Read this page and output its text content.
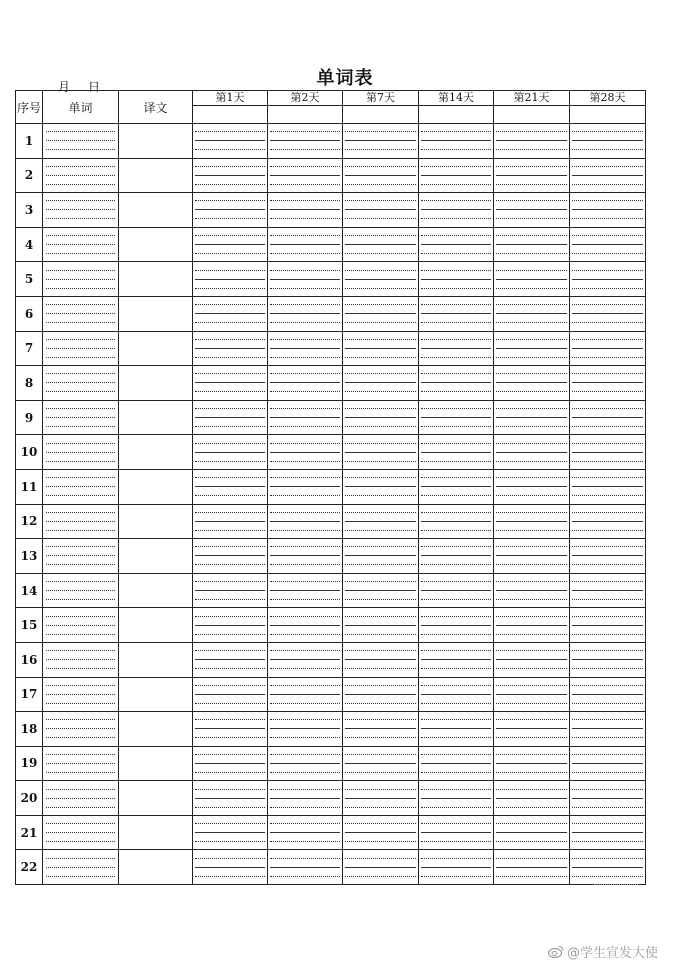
单词表
月 日
序号	单词	译文	第1天	第2天	第7天	第14天	第21天	第28天

1	

2	

3	

4	

5	

6	

7	

8	

9	

10	

11	

12	

13	

14	

15	

16	

17	

18	

19	

20	

21	

22	

@学生宣发大使
